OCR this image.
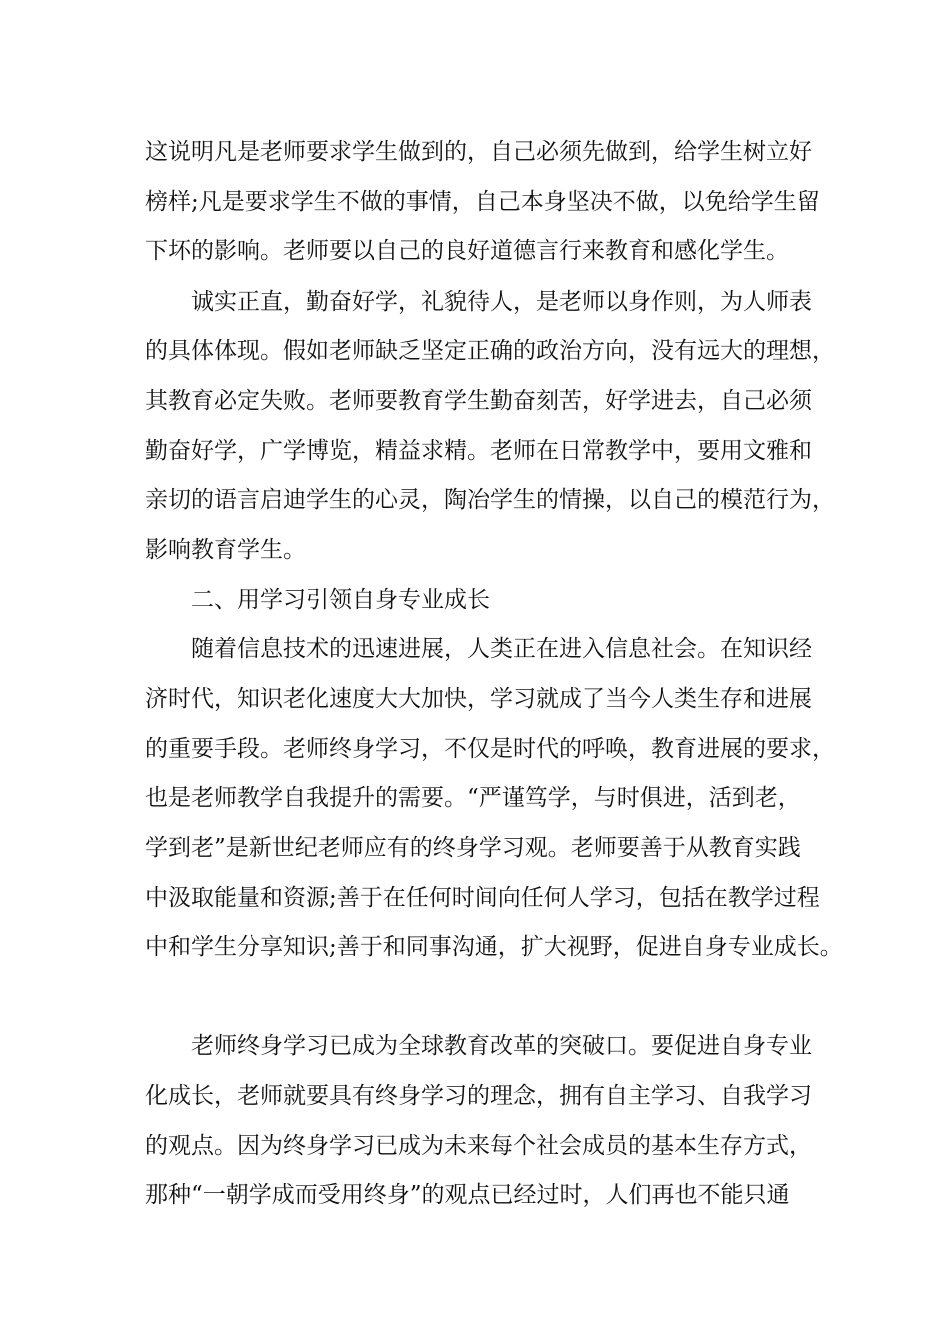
这说明凡是老师要求学生做到的，自己必须先做到，给学生树立好
榜样;凡是要求学生不做的事情，自己本身坚决不做，以免给学生留
下坏的影响。老师要以自己的良好道德言行来教育和感化学生。
诚实正直，勤奋好学，礼貌待人，是老师以身作则，为人师表
的具体体现。假如老师缺乏坚定正确的政治方向，没有远大的理想，
其教育必定失败。老师要教育学生勤奋刻苦，好学进去，自己必须
勤奋好学，广学博览，精益求精。老师在日常教学中，要用文雅和
亲切的语言启迪学生的心灵，陶冶学生的情操，以自己的模范行为，
影响教育学生。
二、用学习引领自身专业成长
随着信息技术的迅速进展，人类正在进入信息社会。在知识经
济时代，知识老化速度大大加快，学习就成了当今人类生存和进展
的重要手段。老师终身学习，不仅是时代的呼唤，教育进展的要求，
也是老师教学自我提升的需要。“严谨笃学，与时俱进，活到老，
学到老”是新世纪老师应有的终身学习观。老师要善于从教育实践
中汲取能量和资源;善于在任何时间向任何人学习，包括在教学过程
中和学生分享知识;善于和同事沟通，扩大视野，促进自身专业成长。
老师终身学习已成为全球教育改革的突破口。要促进自身专业
化成长，老师就要具有终身学习的理念，拥有自主学习、自我学习
的观点。因为终身学习已成为未来每个社会成员的基本生存方式，
那种“一朝学成而受用终身”的观点已经过时，人们再也不能只通
